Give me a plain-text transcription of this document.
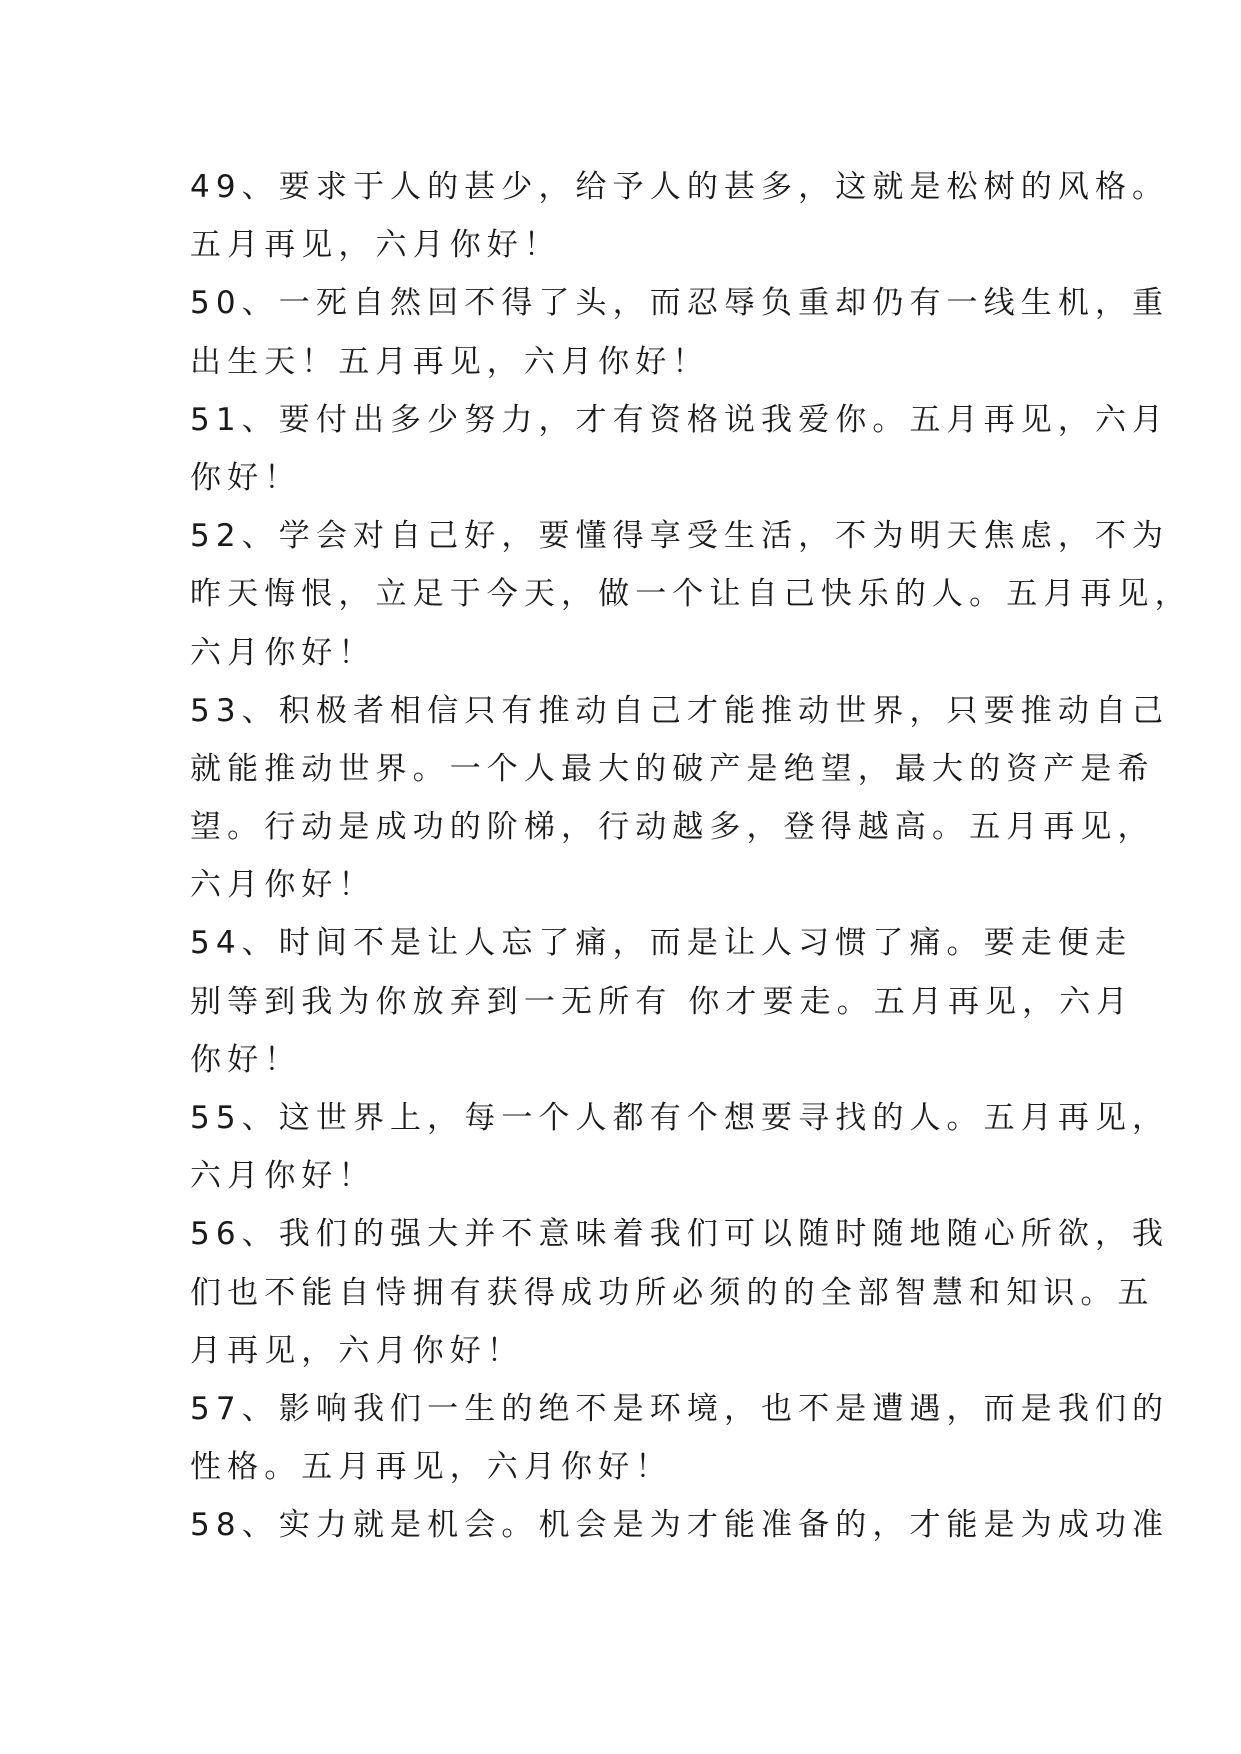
49、要求于人的甚少，给予人的甚多，这就是松树的风格。
五月再见，六月你好！
50、一死自然回不得了头，而忍辱负重却仍有一线生机，重
出生天！五月再见，六月你好！
51、要付出多少努力，才有资格说我爱你。五月再见，六月
你好！
52、学会对自己好，要懂得享受生活，不为明天焦虑，不为
昨天悔恨，立足于今天，做一个让自己快乐的人。五月再见，
六月你好！
53、积极者相信只有推动自己才能推动世界，只要推动自己
就能推动世界。一个人最大的破产是绝望，最大的资产是希
望。行动是成功的阶梯，行动越多，登得越高。五月再见，
六月你好！
54、时间不是让人忘了痛，而是让人习惯了痛。要走便走
别等到我为你放弃到一无所有 你才要走。五月再见，六月
你好！
55、这世界上，每一个人都有个想要寻找的人。五月再见，
六月你好！
56、我们的强大并不意味着我们可以随时随地随心所欲，我
们也不能自恃拥有获得成功所必须的的全部智慧和知识。五
月再见，六月你好！
57、影响我们一生的绝不是环境，也不是遭遇，而是我们的
性格。五月再见，六月你好！
58、实力就是机会。机会是为才能准备的，才能是为成功准
